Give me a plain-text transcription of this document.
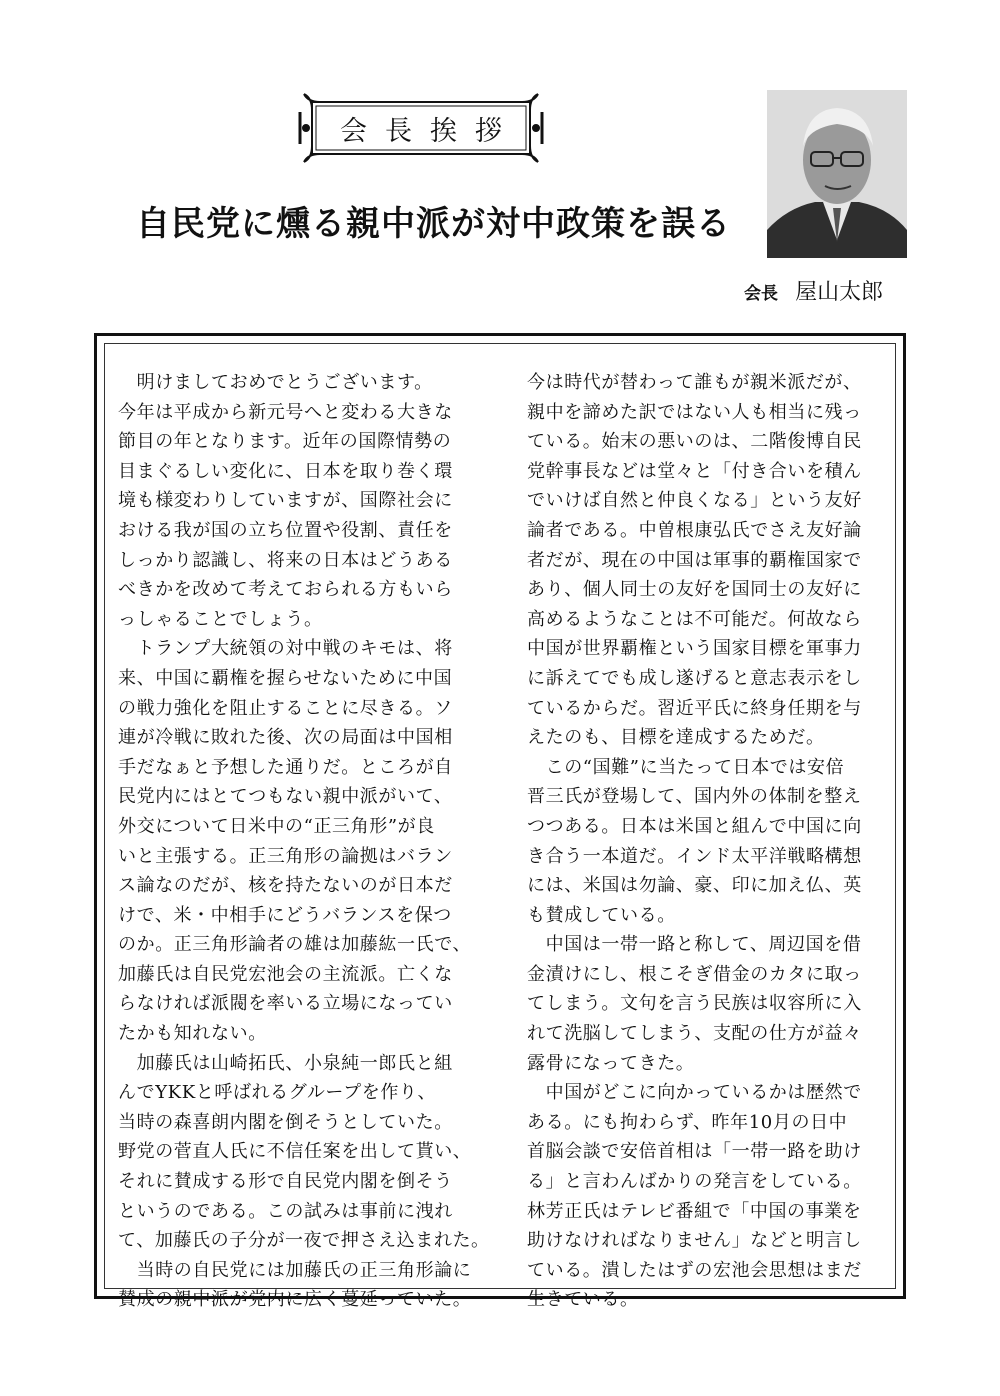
会長挨拶
自民党に燻る親中派が対中政策を誤る
会長 屋山太郎
　明けましておめでとうございます。
今年は平成から新元号へと変わる大きな
節目の年となります。近年の国際情勢の
目まぐるしい変化に、日本を取り巻く環
境も様変わりしていますが、国際社会に
おける我が国の立ち位置や役割、責任を
しっかり認識し、将来の日本はどうある
べきかを改めて考えておられる方もいら
っしゃることでしょう。
　トランプ大統領の対中戦のキモは、将
来、中国に覇権を握らせないために中国
の戦力強化を阻止することに尽きる。ソ
連が冷戦に敗れた後、次の局面は中国相
手だなぁと予想した通りだ。ところが自
民党内にはとてつもない親中派がいて、
外交について日米中の“正三角形”が良
いと主張する。正三角形の論拠はバラン
ス論なのだが、核を持たないのが日本だ
けで、米・中相手にどうバランスを保つ
のか。正三角形論者の雄は加藤紘一氏で、
加藤氏は自民党宏池会の主流派。亡くな
らなければ派閥を率いる立場になってい
たかも知れない。
　加藤氏は山崎拓氏、小泉純一郎氏と組
んでYKKと呼ばれるグループを作り、
当時の森喜朗内閣を倒そうとしていた。
野党の菅直人氏に不信任案を出して貰い、
それに賛成する形で自民党内閣を倒そう
というのである。この試みは事前に洩れ
て、加藤氏の子分が一夜で押さえ込まれた。
　当時の自民党には加藤氏の正三角形論に
賛成の親中派が党内に広く蔓延っていた。
今は時代が替わって誰もが親米派だが、
親中を諦めた訳ではない人も相当に残っ
ている。始末の悪いのは、二階俊博自民
党幹事長などは堂々と「付き合いを積ん
でいけば自然と仲良くなる」という友好
論者である。中曽根康弘氏でさえ友好論
者だが、現在の中国は軍事的覇権国家で
あり、個人同士の友好を国同士の友好に
高めるようなことは不可能だ。何故なら
中国が世界覇権という国家目標を軍事力
に訴えてでも成し遂げると意志表示をし
ているからだ。習近平氏に終身任期を与
えたのも、目標を達成するためだ。
　この“国難”に当たって日本では安倍
晋三氏が登場して、国内外の体制を整え
つつある。日本は米国と組んで中国に向
き合う一本道だ。インド太平洋戦略構想
には、米国は勿論、豪、印に加え仏、英
も賛成している。
　中国は一帯一路と称して、周辺国を借
金漬けにし、根こそぎ借金のカタに取っ
てしまう。文句を言う民族は収容所に入
れて洗脳してしまう、支配の仕方が益々
露骨になってきた。
　中国がどこに向かっているかは歴然で
ある。にも拘わらず、昨年10月の日中
首脳会談で安倍首相は「一帯一路を助け
る」と言わんばかりの発言をしている。
林芳正氏はテレビ番組で「中国の事業を
助けなければなりません」などと明言し
ている。潰したはずの宏池会思想はまだ
生きている。
